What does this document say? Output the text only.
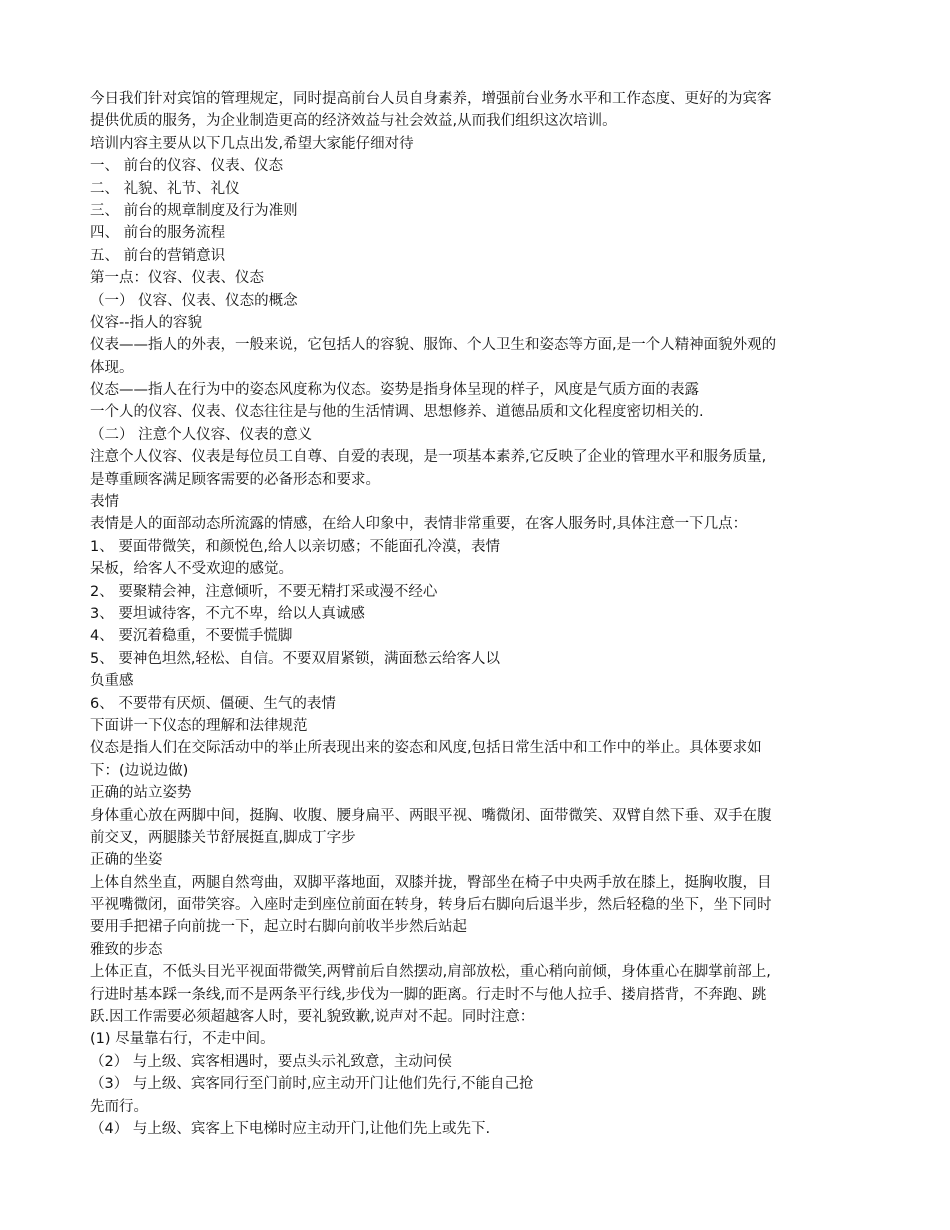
今日我们针对宾馆的管理规定，同时提高前台人员自身素养，增强前台业务水平和工作态度、更好的为宾客
提供优质的服务，为企业制造更高的经济效益与社会效益,从而我们组织这次培训。
培训内容主要从以下几点出发,希望大家能仔细对待
一、 前台的仪容、仪表、仪态
二、 礼貌、礼节、礼仪
三、 前台的规章制度及行为准则
四、 前台的服务流程
五、 前台的营销意识
第一点：仪容、仪表、仪态
（一） 仪容、仪表、仪态的概念
仪容--指人的容貌
仪表——指人的外表，一般来说，它包括人的容貌、服饰、个人卫生和姿态等方面,是一个人精神面貌外观的
体现。
仪态——指人在行为中的姿态风度称为仪态。姿势是指身体呈现的样子，风度是气质方面的表露
一个人的仪容、仪表、仪态往往是与他的生活情调、思想修养、道德品质和文化程度密切相关的.
（二） 注意个人仪容、仪表的意义
注意个人仪容、仪表是每位员工自尊、自爱的表现，是一项基本素养,它反映了企业的管理水平和服务质量,
是尊重顾客满足顾客需要的必备形态和要求。
表情
表情是人的面部动态所流露的情感，在给人印象中，表情非常重要，在客人服务时,具体注意一下几点：
1、 要面带微笑，和颜悦色,给人以亲切感；不能面孔冷漠，表情
呆板，给客人不受欢迎的感觉。
2、 要聚精会神，注意倾听，不要无精打采或漫不经心
3、 要坦诚待客，不亢不卑，给以人真诚感
4、 要沉着稳重，不要慌手慌脚
5、 要神色坦然,轻松、自信。不要双眉紧锁，满面愁云给客人以
负重感
6、 不要带有厌烦、僵硬、生气的表情
下面讲一下仪态的理解和法律规范
仪态是指人们在交际活动中的举止所表现出来的姿态和风度,包括日常生活中和工作中的举止。具体要求如
下：(边说边做)
正确的站立姿势
身体重心放在两脚中间，挺胸、收腹、腰身扁平、两眼平视、嘴微闭、面带微笑、双臂自然下垂、双手在腹
前交叉，两腿膝关节舒展挺直,脚成丁字步
正确的坐姿
上体自然坐直，两腿自然弯曲，双脚平落地面，双膝并拢，臀部坐在椅子中央两手放在膝上，挺胸收腹，目
平视嘴微闭，面带笑容。入座时走到座位前面在转身，转身后右脚向后退半步，然后轻稳的坐下，坐下同时
要用手把裙子向前拢一下，起立时右脚向前收半步然后站起
雅致的步态
上体正直，不低头目光平视面带微笑,两臂前后自然摆动,肩部放松，重心稍向前倾，身体重心在脚掌前部上,
行进时基本踩一条线,而不是两条平行线,步伐为一脚的距离。行走时不与他人拉手、搂肩搭背，不奔跑、跳
跃.因工作需要必须超越客人时，要礼貌致歉,说声对不起。同时注意：
(1) 尽量靠右行，不走中间。
（2） 与上级、宾客相遇时，要点头示礼致意，主动问侯
（3） 与上级、宾客同行至门前时,应主动开门让他们先行,不能自己抢
先而行。
（4） 与上级、宾客上下电梯时应主动开门,让他们先上或先下.
